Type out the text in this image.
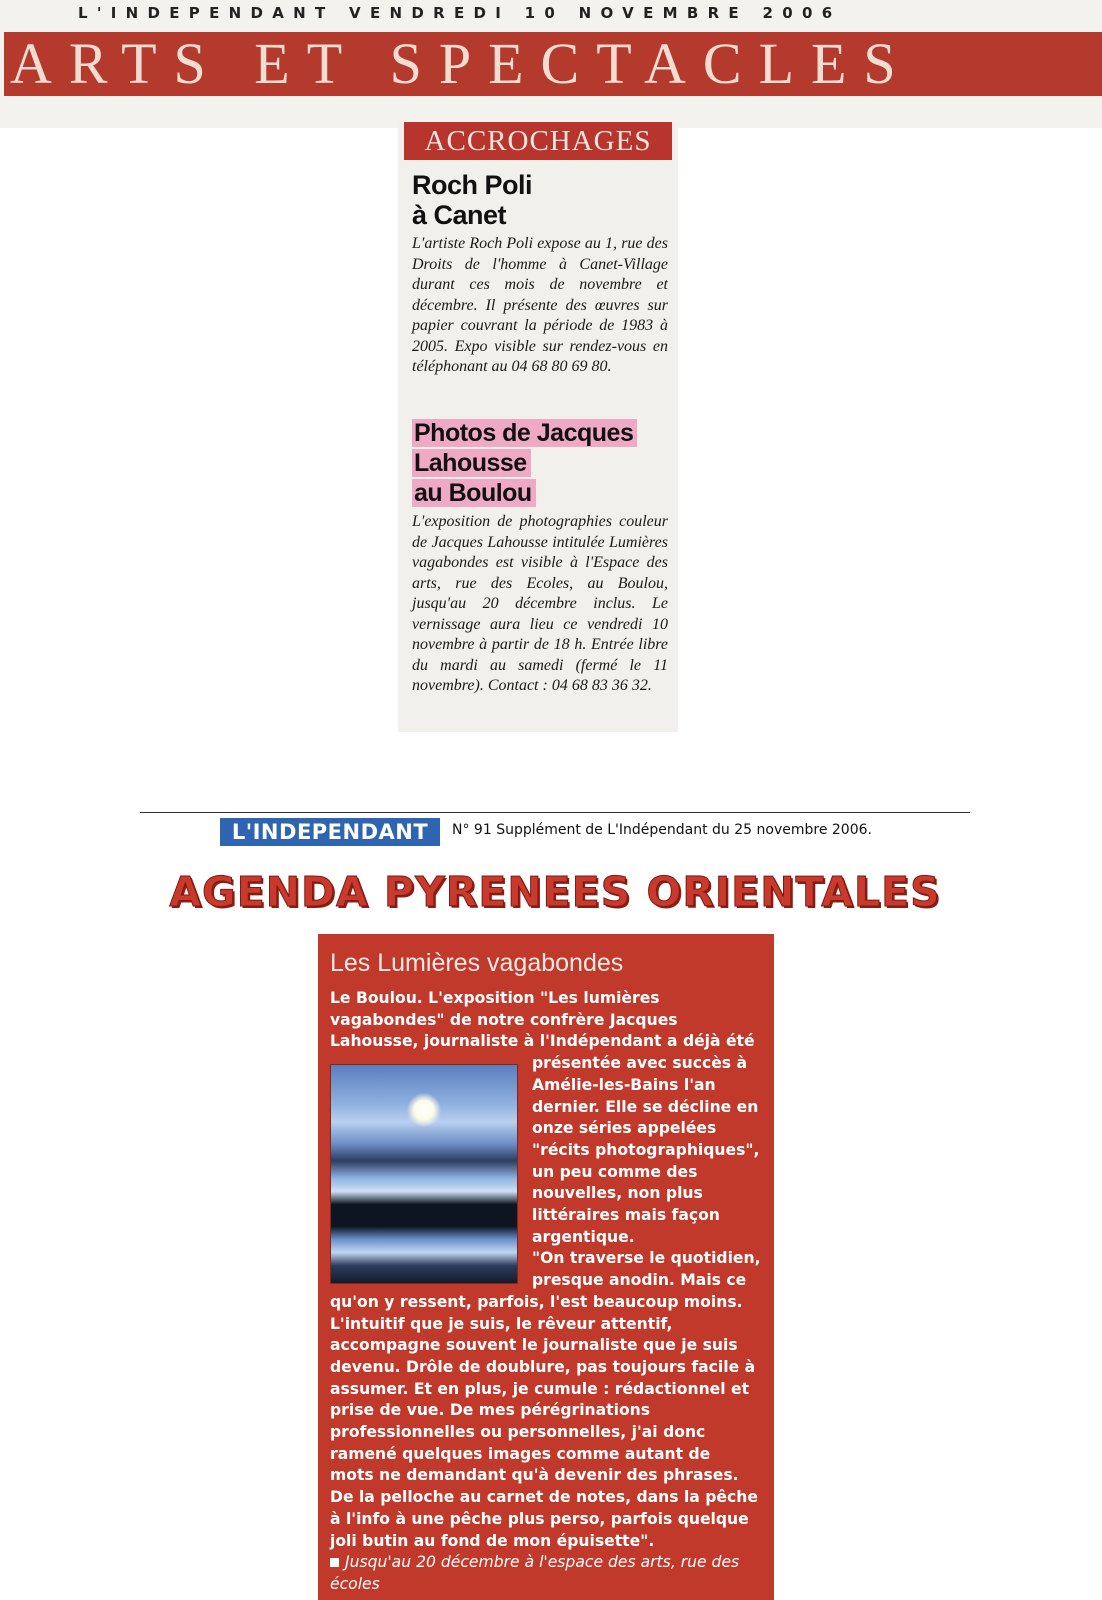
L'INDEPENDANT VENDREDI 10 NOVEMBRE 2006
ARTS ET SPECTACLES
ACCROCHAGES
Roch Poli
à Canet
L'artiste Roch Poli expose au 1, rue des Droits de l'homme à Canet-Village durant ces mois de novembre et décembre. Il présente des œuvres sur papier couvrant la période de 1983 à 2005. Expo visible sur rendez-vous en téléphonant au 04 68 80 69 80.
Photos de Jacques
Lahousse
au Boulou
L'exposition de photographies couleur de Jacques Lahousse intitulée Lumières vagabondes est visible à l'Espace des arts, rue des Ecoles, au Boulou, jusqu'au 20 décembre inclus. Le vernissage aura lieu ce vendredi 10 novembre à partir de 18 h. Entrée libre du mardi au samedi (fermé le 11 novembre). Contact : 04 68 83 36 32.
L'INDEPENDANT	N° 91 Supplément de L'Indépendant du 25 novembre 2006.
AGENDA PYRENEES ORIENTALES
Les Lumières vagabondes
Le Boulou. L'exposition "Les lumières
vagabondes" de notre confrère Jacques
Lahousse, journaliste à l'Indépendant a déjà été
présentée avec succès à
Amélie-les-Bains l'an
dernier. Elle se décline en
onze séries appelées
"récits photographiques",
un peu comme des
nouvelles, non plus
littéraires mais façon
argentique.
"On traverse le quotidien,
presque anodin. Mais ce
qu'on y ressent, parfois, l'est beaucoup moins.
L'intuitif que je suis, le rêveur attentif,
accompagne souvent le journaliste que je suis
devenu. Drôle de doublure, pas toujours facile à
assumer. Et en plus, je cumule : rédactionnel et
prise de vue. De mes pérégrinations
professionnelles ou personnelles, j'ai donc
ramené quelques images comme autant de
mots ne demandant qu'à devenir des phrases.
De la pelloche au carnet de notes, dans la pêche
à l'info à une pêche plus perso, parfois quelque
joli butin au fond de mon épuisette".
Jusqu'au 20 décembre à l'espace des arts, rue des écoles
